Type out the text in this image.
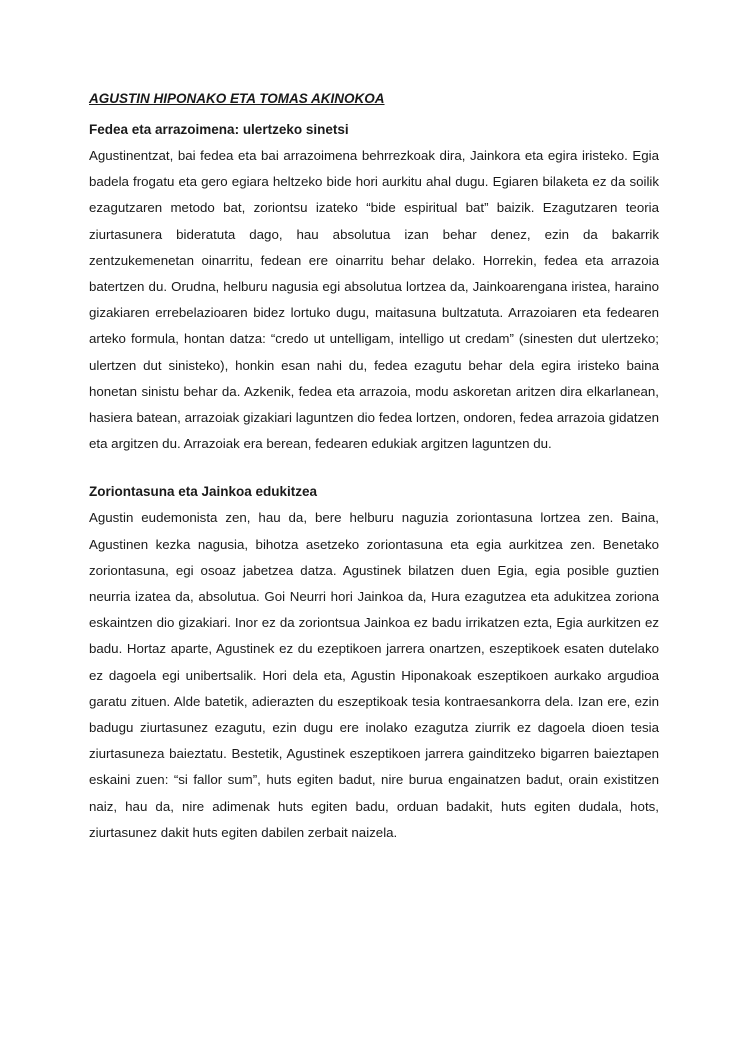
AGUSTIN HIPONAKO ETA TOMAS AKINOKOA
Fedea eta arrazoimena: ulertzeko sinetsi

Agustinentzat, bai fedea eta bai arrazoimena behrrezkoak dira, Jainkora eta egira iristeko. Egia badela frogatu eta gero egiara heltzeko bide hori aurkitu ahal dugu. Egiaren bilaketa ez da soilik ezagutzaren metodo bat, zoriontsu izateko “bide espiritual bat” baizik. Ezagutzaren teoria ziurtasunera bideratuta dago, hau absolutua izan behar denez, ezin da bakarrik zentzukemenetan oinarritu, fedean ere oinarritu behar delako. Horrekin, fedea eta arrazoia batertzen du. Orudna, helburu nagusia egi absolutua lortzea da, Jainkoarengana iristea, haraino gizakiaren errebelazioaren bidez lortuko dugu, maitasuna bultzatuta. Arrazoiaren eta fedearen arteko formula, hontan datza: “credo ut untelligam, intelligo ut credam” (sinesten dut ulertzeko; ulertzen dut sinisteko), honkin esan nahi du, fedea ezagutu behar dela egira iristeko baina honetan sinistu behar da. Azkenik, fedea eta arrazoia, modu askoretan aritzen dira elkarlanean, hasiera batean, arrazoiak gizakiari laguntzen dio fedea lortzen, ondoren, fedea arrazoia gidatzen eta argitzen du. Arrazoiak era berean, fedearen edukiak argitzen laguntzen du.

Zoriontasuna eta Jainkoa edukitzea

Agustin eudemonista zen, hau da, bere helburu naguzia zoriontasuna lortzea zen. Baina, Agustinen kezka nagusia, bihotza asetzeko zoriontasuna eta egia aurkitzea zen. Benetako zoriontasuna, egi osoaz jabetzea datza. Agustinek bilatzen duen Egia, egia posible guztien neurria izatea da, absolutua. Goi Neurri hori Jainkoa da, Hura ezagutzea eta adukitzea zoriona eskaintzen dio gizakiari. Inor ez da zoriontsua Jainkoa ez badu irrikatzen ezta, Egia aurkitzen ez badu. Hortaz aparte, Agustinek ez du ezeptikoen jarrera onartzen, eszeptikoek esaten dutelako ez dagoela egi unibertsalik. Hori dela eta, Agustin Hiponakoak eszeptikoen aurkako argudioa garatu zituen. Alde batetik, adierazten du eszeptikoak tesia kontraesankorra dela. Izan ere, ezin badugu ziurtasunez ezagutu, ezin dugu ere inolako ezagutza ziurrik ez dagoela dioen tesia ziurtasuneza baieztatu. Bestetik, Agustinek eszeptikoen jarrera gainditzeko bigarren baieztapen eskaini zuen: “si fallor sum”, huts egiten badut, nire burua engainatzen badut, orain existitzen naiz, hau da, nire adimenak huts egiten badu, orduan badakit, huts egiten dudala, hots, ziurtasunez dakit huts egiten dabilen zerbait naizela.
